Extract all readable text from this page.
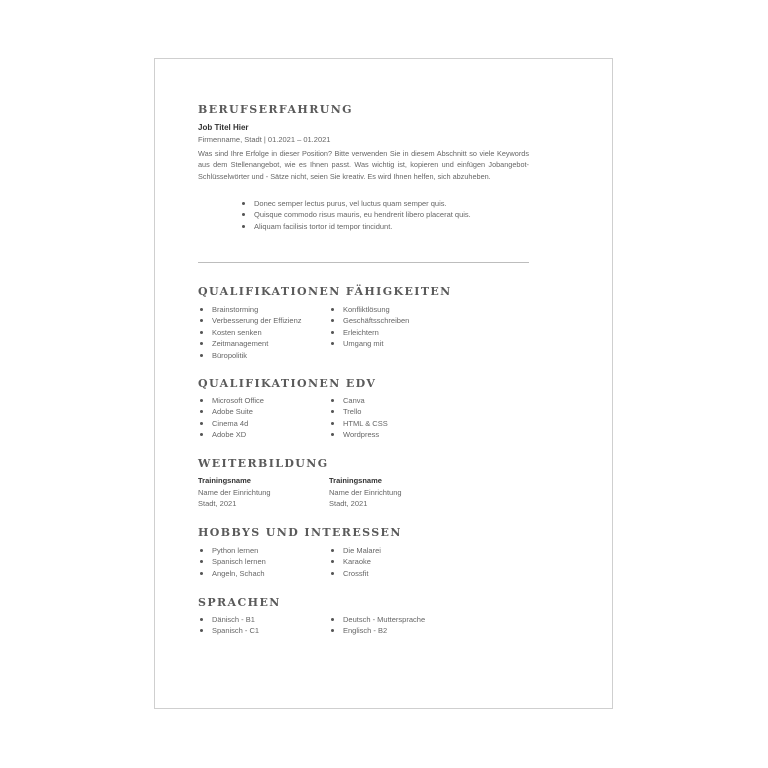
BERUFSERFAHRUNG
Job Titel Hier
Firmenname, Stadt | 01.2021 – 01.2021

Was sind Ihre Erfolge in dieser Position? Bitte verwenden Sie in diesem Abschnitt so viele Keywords aus dem Stellenangebot, wie es Ihnen passt. Was wichtig ist, kopieren und einfügen Jobangebot-Schlüsselwörter und - Sätze nicht, seien Sie kreativ. Es wird Ihnen helfen, sich abzuheben.

Donec semper lectus purus, vel luctus quam semper quis.
Quisque commodo risus mauris, eu hendrerit libero placerat quis.
Aliquam facilisis tortor id tempor tincidunt.
QUALIFIKATIONEN FÄHIGKEITEN
Brainstorming
Verbesserung der Effizienz
Kosten senken
Zeitmanagement
Büropolitik
Konfliktlösung
Geschäftsschreiben
Erleichtern
Umgang mit
QUALIFIKATIONEN EDV
Microsoft Office
Adobe Suite
Cinema 4d
Adobe XD
Canva
Trello
HTML & CSS
Wordpress
WEITERBILDUNG
Trainingsname
Name der Einrichtung
Stadt, 2021
Trainingsname
Name der Einrichtung
Stadt, 2021
HOBBYS UND INTERESSEN
Python lernen
Spanisch lernen
Angeln, Schach
Die Malarei
Karaoke
Crossfit
SPRACHEN
Dänisch - B1
Spanisch - C1
Deutsch - Muttersprache
Englisch - B2
